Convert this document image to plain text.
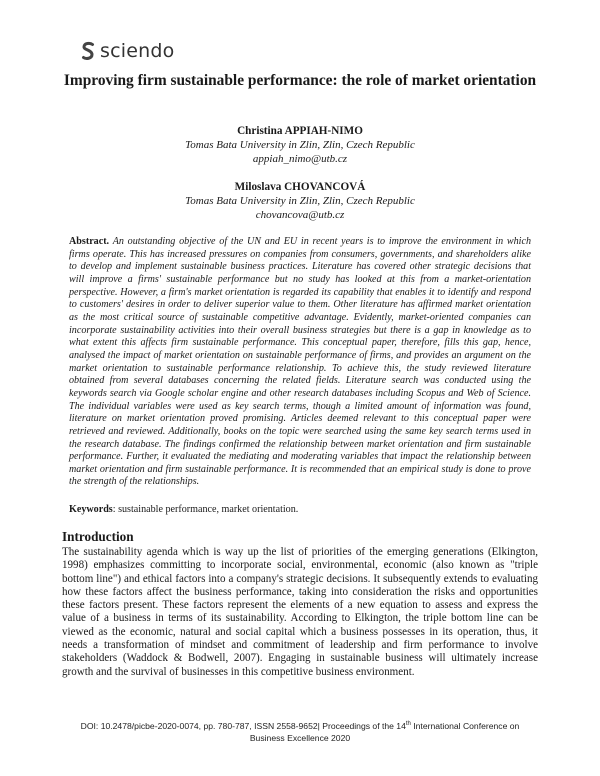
sciendo
Improving firm sustainable performance: the role of market orientation
Christina APPIAH-NIMO
Tomas Bata University in Zlin, Zlin, Czech Republic
appiah_nimo@utb.cz
Miloslava CHOVANCOVÁ
Tomas Bata University in Zlin, Zlin, Czech Republic
chovancova@utb.cz
Abstract. An outstanding objective of the UN and EU in recent years is to improve the environment in which firms operate. This has increased pressures on companies from consumers, governments, and shareholders alike to develop and implement sustainable business practices. Literature has covered other strategic decisions that will improve a firms' sustainable performance but no study has looked at this from a market-orientation perspective. However, a firm's market orientation is regarded its capability that enables it to identify and respond to customers' desires in order to deliver superior value to them. Other literature has affirmed market orientation as the most critical source of sustainable competitive advantage. Evidently, market-oriented companies can incorporate sustainability activities into their overall business strategies but there is a gap in knowledge as to what extent this affects firm sustainable performance. This conceptual paper, therefore, fills this gap, hence, analysed the impact of market orientation on sustainable performance of firms, and provides an argument on the market orientation to sustainable performance relationship. To achieve this, the study reviewed literature obtained from several databases concerning the related fields. Literature search was conducted using the keywords search via Google scholar engine and other research databases including Scopus and Web of Science. The individual variables were used as key search terms, though a limited amount of information was found, literature on market orientation proved promising. Articles deemed relevant to this conceptual paper were retrieved and reviewed. Additionally, books on the topic were searched using the same key search terms used in the research database. The findings confirmed the relationship between market orientation and firm sustainable performance. Further, it evaluated the mediating and moderating variables that impact the relationship between market orientation and firm sustainable performance. It is recommended that an empirical study is done to prove the strength of the relationships.
Keywords: sustainable performance, market orientation.
Introduction
The sustainability agenda which is way up the list of priorities of the emerging generations (Elkington, 1998) emphasizes committing to incorporate social, environmental, economic (also known as "triple bottom line") and ethical factors into a company's strategic decisions. It subsequently extends to evaluating how these factors affect the business performance, taking into consideration the risks and opportunities these factors present. These factors represent the elements of a new equation to assess and express the value of a business in terms of its sustainability. According to Elkington, the triple bottom line can be viewed as the economic, natural and social capital which a business possesses in its operation, thus, it needs a transformation of mindset and commitment of leadership and firm performance to involve stakeholders (Waddock & Bodwell, 2007). Engaging in sustainable business will ultimately increase growth and the survival of businesses in this competitive business environment.
DOI: 10.2478/picbe-2020-0074, pp. 780-787, ISSN 2558-9652| Proceedings of the 14th International Conference on Business Excellence 2020
